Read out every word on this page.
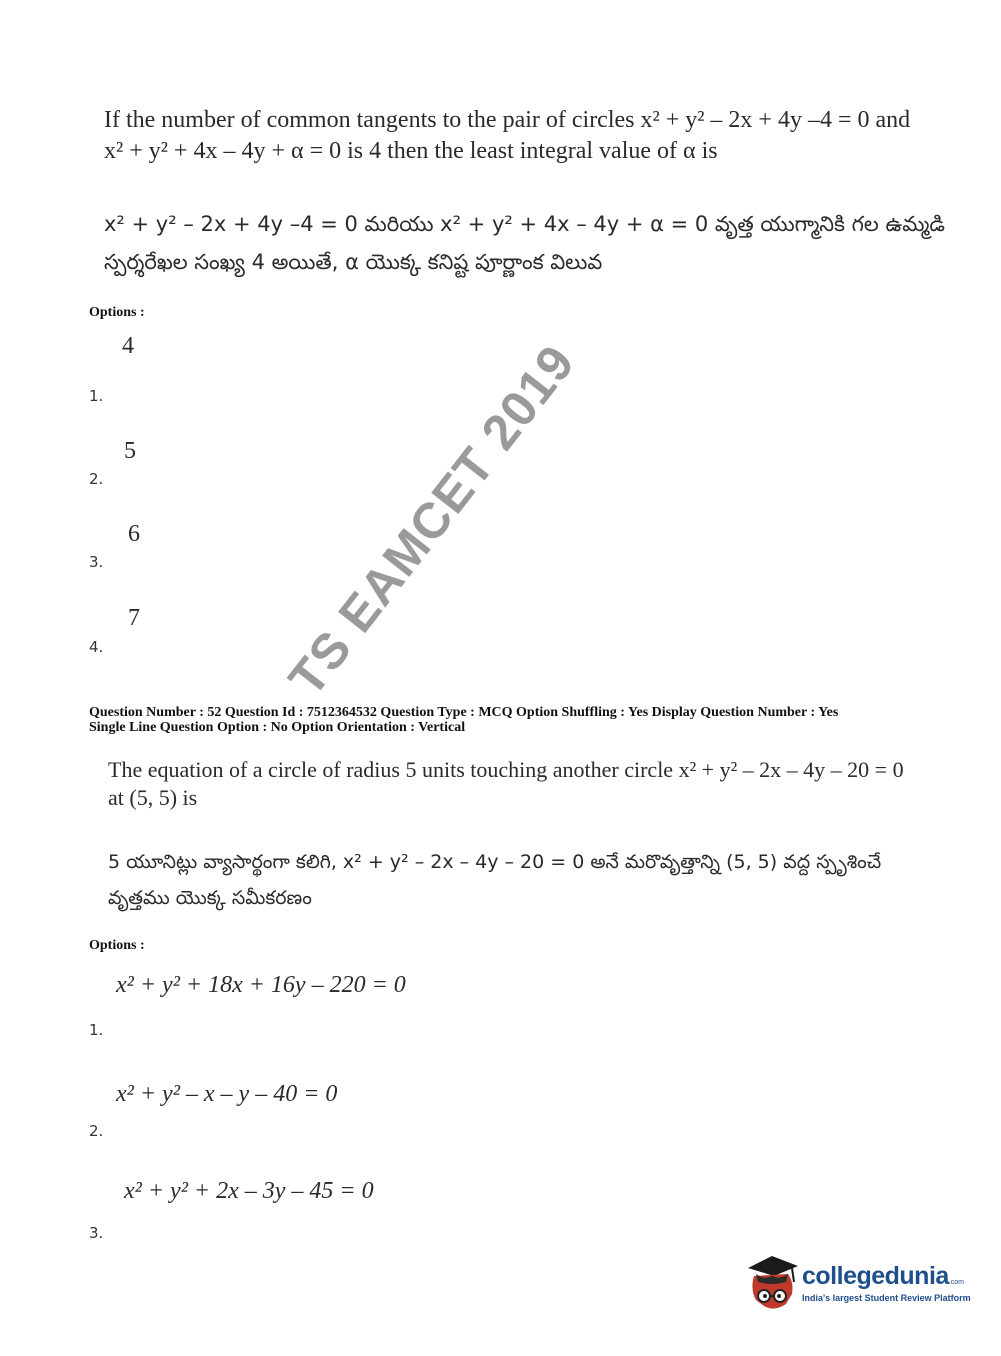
If the number of common tangents to the pair of circles x² + y² – 2x + 4y –4 = 0 and
x² + y² + 4x – 4y + α = 0 is 4 then the least integral value of α is
x² + y² – 2x + 4y –4 = 0 మరియు x² + y² + 4x – 4y + α = 0 వృత్త యుగ్మానికి గల ఉమ్మడి
స్పర్శరేఖల సంఖ్య 4 అయితే, α యొక్క కనిష్ట పూర్ణాంక విలువ
Options :
4
1.
5
2.
6
3.
7
4.
Question Number : 52 Question Id : 7512364532 Question Type : MCQ Option Shuffling : Yes Display Question Number : Yes
Single Line Question Option : No Option Orientation : Vertical
The equation of a circle of radius 5 units touching another circle x² + y² – 2x – 4y – 20 = 0
at (5, 5) is
5 యూనిట్లు వ్యాసార్థంగా కలిగి, x² + y² – 2x – 4y – 20 = 0 అనే మరొవృత్తాన్ని (5, 5) వద్ద స్పృశించే
వృత్తము యొక్క సమీకరణం
Options :
x² + y² + 18x + 16y – 220 = 0
1.
x² + y² – x – y – 40 = 0
2.
x² + y² + 2x – 3y – 45 = 0
3.
TS EAMCET 2019
collegedunia.com
India's largest Student Review Platform
